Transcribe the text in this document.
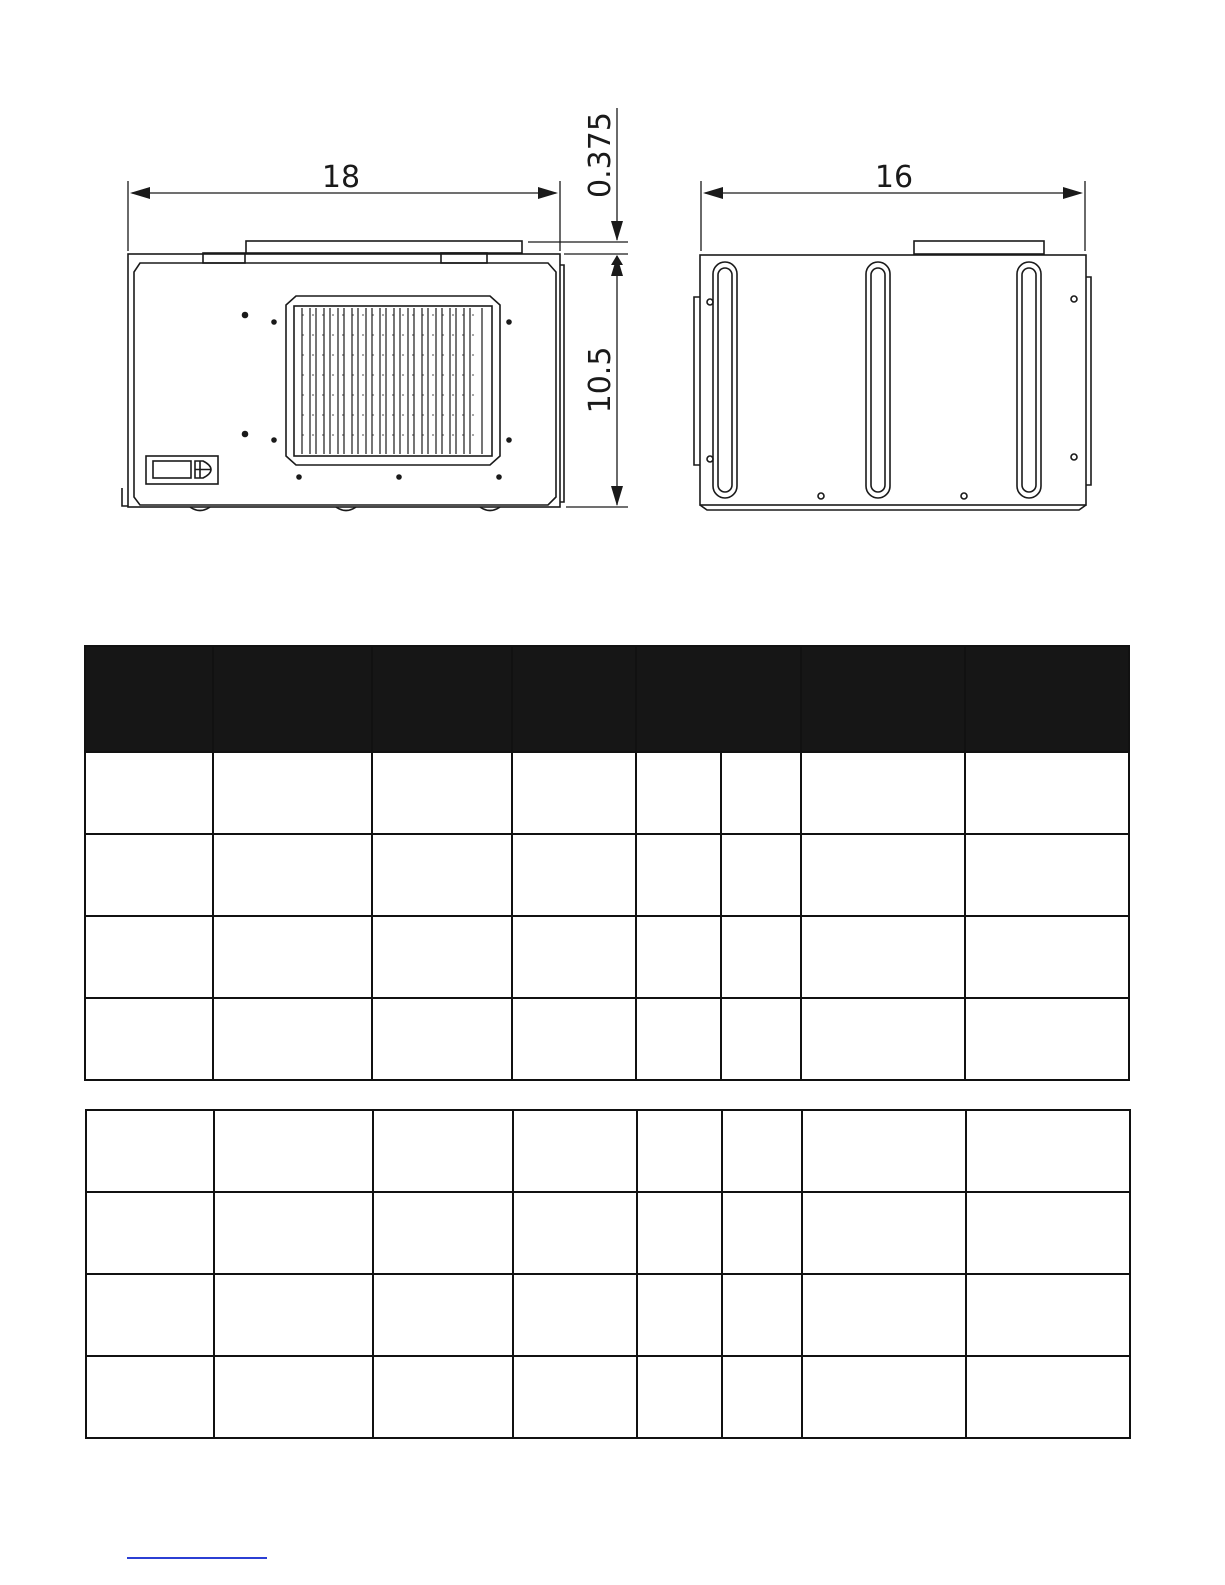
18	16
0.375
10.5
